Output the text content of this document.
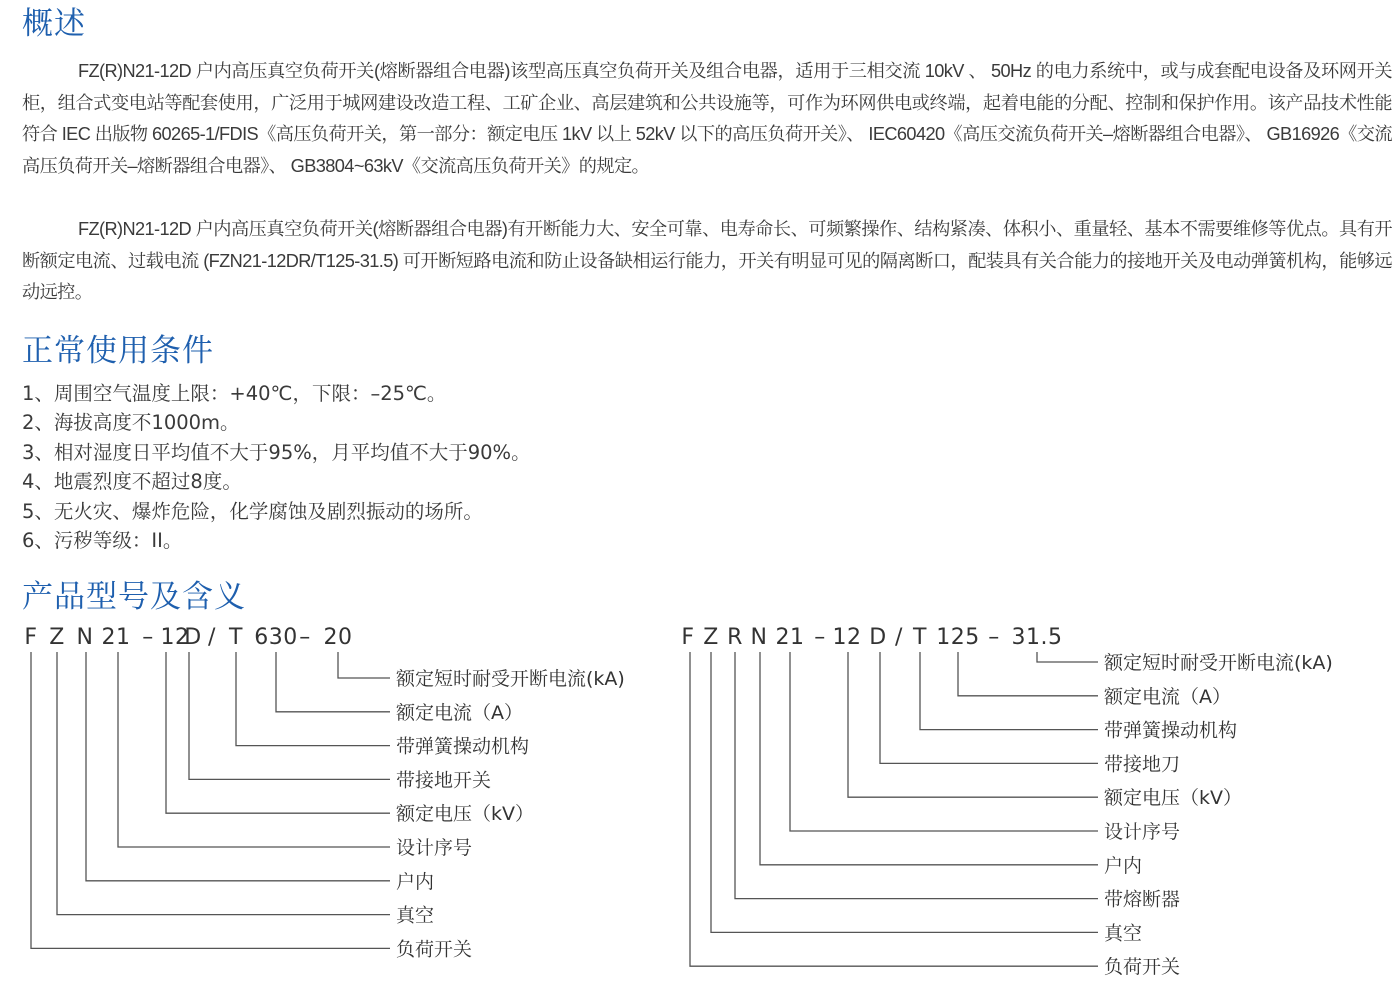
概述

FZ(R)N21-12D 户内高压真空负荷开关(熔断器组合电器)该型高压真空负荷开关及组合电器，适用于三相交流 10kV 、 50Hz 的电力系统中，或与成套配电设备及环网开关柜，组合式变电站等配套使用，广泛用于城网建设改造工程、工矿企业、高层建筑和公共设施等，可作为环网供电或终端，起着电能的分配、控制和保护作用。该产品技术性能符合 IEC 出版物 60265-1/FDIS《高压负荷开关，第一部分：额定电压 1kV 以上 52kV 以下的高压负荷开关》、 IEC60420《高压交流负荷开关–熔断器组合电器》、 GB16926《交流高压负荷开关–熔断器组合电器》、 GB3804~63kV《交流高压负荷开关》的规定。

FZ(R)N21-12D 户内高压真空负荷开关(熔断器组合电器)有开断能力大、安全可靠、电寿命长、可频繁操作、结构紧凑、体积小、重量轻、基本不需要维修等优点。具有开断额定电流、过载电流 (FZN21-12DR/T125-31.5) 可开断短路电流和防止设备缺相运行能力，开关有明显可见的隔离断口，配装具有关合能力的接地开关及电动弹簧机构，能够远动远控。

正常使用条件
1、周围空气温度上限：+40℃，下限：–25℃。
2、海拔高度不1000m。
3、相对湿度日平均值不大于95%，月平均值不大于90%。
4、地震烈度不超过8度。
5、无火灾、爆炸危险，化学腐蚀及剧烈振动的场所。
6、污秽等级：II。
产品型号及含义
F Z N 21 – 12
D / T 630 – 20
额定短时耐受开断电流(kA)
额定电流（A）
带弹簧操动机构
带接地开关
额定电压（kV）
设计序号
户内
真空
负荷开关
F Z R N 21 – 12 D / T 125 – 31.5
额定短时耐受开断电流(kA)
额定电流（A）
带弹簧操动机构
带接地刀
额定电压（kV）
设计序号
户内
带熔断器
真空
负荷开关
